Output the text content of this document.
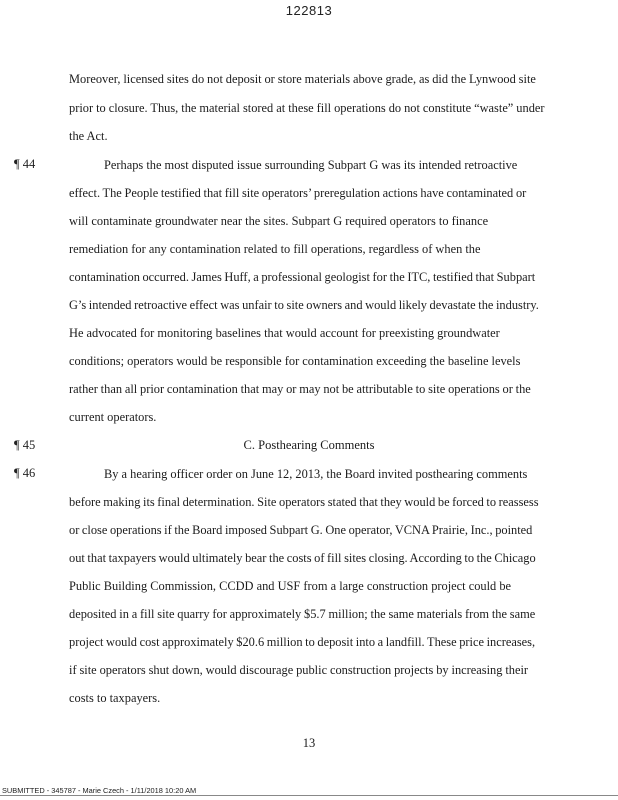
122813
Moreover, licensed sites do not deposit or store materials above grade, as did the Lynwood site
prior to closure. Thus, the material stored at these fill operations do not constitute “waste” under
the Act.
¶ 44	Perhaps the most disputed issue surrounding Subpart G was its intended retroactive
effect. The People testified that fill site operators’ preregulation actions have contaminated or
will contaminate groundwater near the sites. Subpart G required operators to finance
remediation for any contamination related to fill operations, regardless of when the
contamination occurred. James Huff, a professional geologist for the ITC, testified that Subpart
G’s intended retroactive effect was unfair to site owners and would likely devastate the industry.
He advocated for monitoring baselines that would account for preexisting groundwater
conditions; operators would be responsible for contamination exceeding the baseline levels
rather than all prior contamination that may or may not be attributable to site operations or the
current operators.
¶ 45	C. Posthearing Comments
¶ 46	By a hearing officer order on June 12, 2013, the Board invited posthearing comments
before making its final determination. Site operators stated that they would be forced to reassess
or close operations if the Board imposed Subpart G. One operator, VCNA Prairie, Inc., pointed
out that taxpayers would ultimately bear the costs of fill sites closing. According to the Chicago
Public Building Commission, CCDD and USF from a large construction project could be
deposited in a fill site quarry for approximately $5.7 million; the same materials from the same
project would cost approximately $20.6 million to deposit into a landfill. These price increases,
if site operators shut down, would discourage public construction projects by increasing their
costs to taxpayers.
13
SUBMITTED - 345787 - Marie Czech - 1/11/2018 10:20 AM
